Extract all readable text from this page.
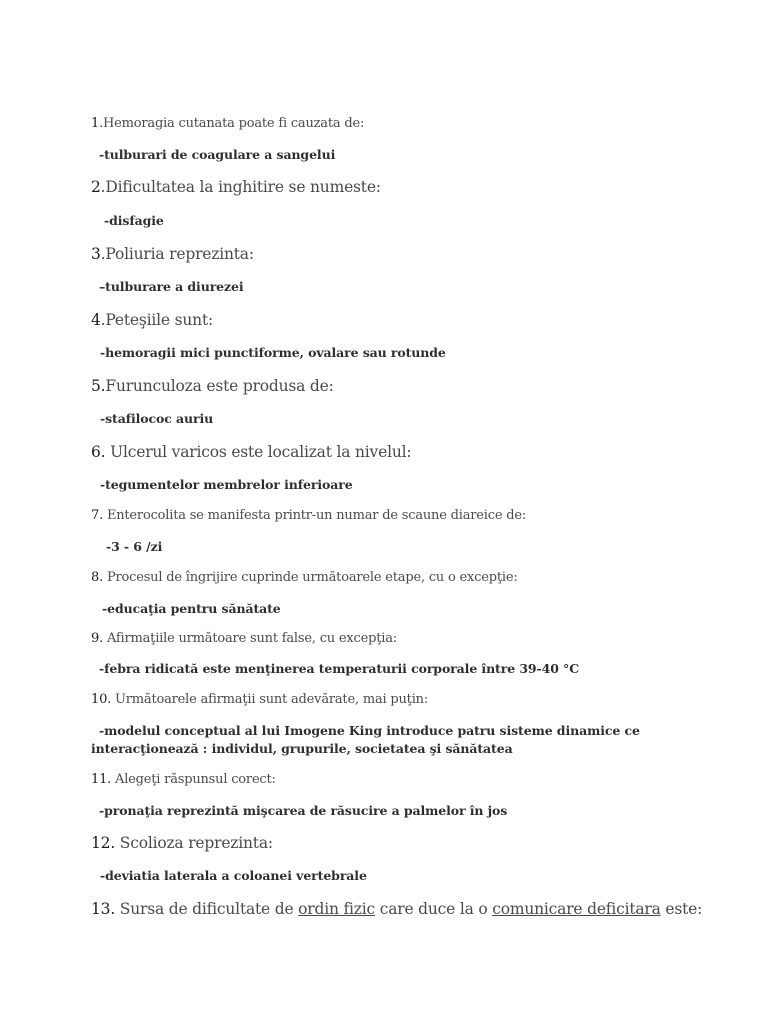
1.Hemoragia cutanata poate fi cauzata de:
-tulburari de coagulare a sangelui
2.Dificultatea la inghitire se numeste:
-disfagie
3.Poliuria reprezinta:
–tulburare a diurezei
4.Peteşiile sunt:
-hemoragii mici punctiforme, ovalare sau rotunde
5.Furunculoza este produsa de:
-stafilococ auriu
6. Ulcerul varicos este localizat la nivelul:
-tegumentelor membrelor inferioare
7. Enterocolita se manifesta printr-un numar de scaune diareice de:
-3 - 6 /zi
8. Procesul de îngrijire cuprinde următoarele etape, cu o excepţie:
-educaţia pentru sănătate
9. Afirmaţiile următoare sunt false, cu excepţia:
-febra ridicată este menţinerea temperaturii corporale între 39-40 °C
10. Următoarele afirmaţii sunt adevărate, mai puţin:
-modelul conceptual al lui Imogene King introduce patru sisteme dinamice ce
interacţionează : individul, grupurile, societatea şi sănătatea
11. Alegeţi răspunsul corect:
-pronaţia reprezintă mişcarea de răsucire a palmelor în jos
12. Scolioza reprezinta:
-deviatia laterala a coloanei vertebrale
13. Sursa de dificultate de ordin fizic care duce la o comunicare deficitara este:
